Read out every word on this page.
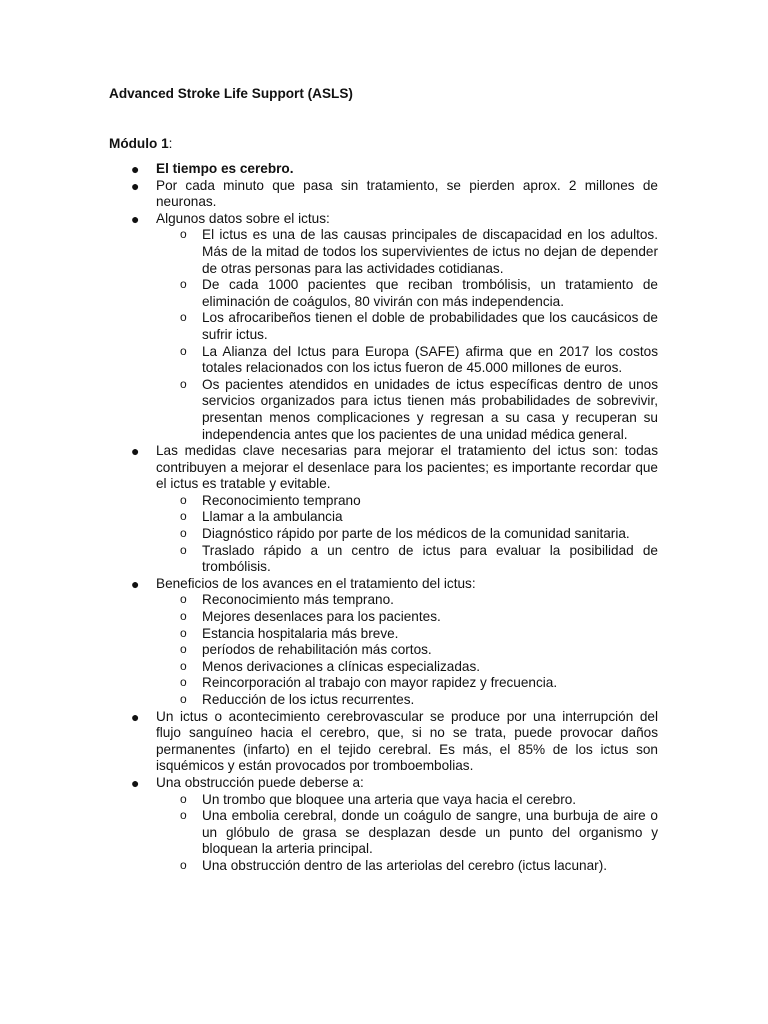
Advanced Stroke Life Support (ASLS)
Módulo 1:
● El tiempo es cerebro.
● Por cada minuto que pasa sin tratamiento, se pierden aprox. 2 millones de neuronas.
● Algunos datos sobre el ictus:
o El ictus es una de las causas principales de discapacidad en los adultos. Más de la mitad de todos los supervivientes de ictus no dejan de depender de otras personas para las actividades cotidianas.
o De cada 1000 pacientes que reciban trombólisis, un tratamiento de eliminación de coágulos, 80 vivirán con más independencia.
o Los afrocaribeños tienen el doble de probabilidades que los caucásicos de sufrir ictus.
o La Alianza del Ictus para Europa (SAFE) afirma que en 2017 los costos totales relacionados con los ictus fueron de 45.000 millones de euros.
o Os pacientes atendidos en unidades de ictus específicas dentro de unos servicios organizados para ictus tienen más probabilidades de sobrevivir, presentan menos complicaciones y regresan a su casa y recuperan su independencia antes que los pacientes de una unidad médica general.
● Las medidas clave necesarias para mejorar el tratamiento del ictus son: todas contribuyen a mejorar el desenlace para los pacientes; es importante recordar que el ictus es tratable y evitable.
o Reconocimiento temprano
o Llamar a la ambulancia
o Diagnóstico rápido por parte de los médicos de la comunidad sanitaria.
o Traslado rápido a un centro de ictus para evaluar la posibilidad de trombólisis.
● Beneficios de los avances en el tratamiento del ictus:
o Reconocimiento más temprano.
o Mejores desenlaces para los pacientes.
o Estancia hospitalaria más breve.
o períodos de rehabilitación más cortos.
o Menos derivaciones a clínicas especializadas.
o Reincorporación al trabajo con mayor rapidez y frecuencia.
o Reducción de los ictus recurrentes.
● Un ictus o acontecimiento cerebrovascular se produce por una interrupción del flujo sanguíneo hacia el cerebro, que, si no se trata, puede provocar daños permanentes (infarto) en el tejido cerebral. Es más, el 85% de los ictus son isquémicos y están provocados por tromboembolias.
● Una obstrucción puede deberse a:
o Un trombo que bloquee una arteria que vaya hacia el cerebro.
o Una embolia cerebral, donde un coágulo de sangre, una burbuja de aire o un glóbulo de grasa se desplazan desde un punto del organismo y bloquean la arteria principal.
o Una obstrucción dentro de las arteriolas del cerebro (ictus lacunar).
